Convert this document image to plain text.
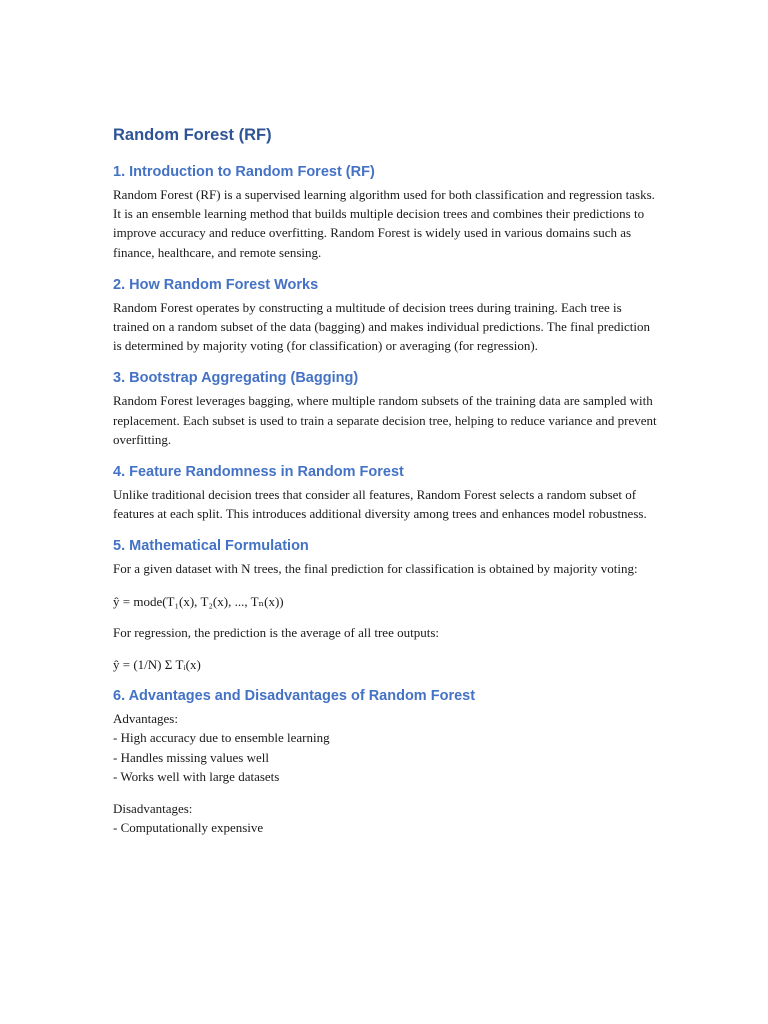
Random Forest (RF)
1. Introduction to Random Forest (RF)

Random Forest (RF) is a supervised learning algorithm used for both classification and regression tasks. It is an ensemble learning method that builds multiple decision trees and combines their predictions to improve accuracy and reduce overfitting. Random Forest is widely used in various domains such as finance, healthcare, and remote sensing.

2. How Random Forest Works

Random Forest operates by constructing a multitude of decision trees during training. Each tree is trained on a random subset of the data (bagging) and makes individual predictions. The final prediction is determined by majority voting (for classification) or averaging (for regression).

3. Bootstrap Aggregating (Bagging)

Random Forest leverages bagging, where multiple random subsets of the training data are sampled with replacement. Each subset is used to train a separate decision tree, helping to reduce variance and prevent overfitting.

4. Feature Randomness in Random Forest

Unlike traditional decision trees that consider all features, Random Forest selects a random subset of features at each split. This introduces additional diversity among trees and enhances model robustness.

5. Mathematical Formulation

For a given dataset with N trees, the final prediction for classification is obtained by majority voting:

ŷ = mode(T₁(x), T₂(x), ..., Tₙ(x))

For regression, the prediction is the average of all tree outputs:

ŷ = (1/N) Σ Tᵢ(x)

6. Advantages and Disadvantages of Random Forest

Advantages:

- High accuracy due to ensemble learning

- Handles missing values well

- Works well with large datasets

Disadvantages:

- Computationally expensive
